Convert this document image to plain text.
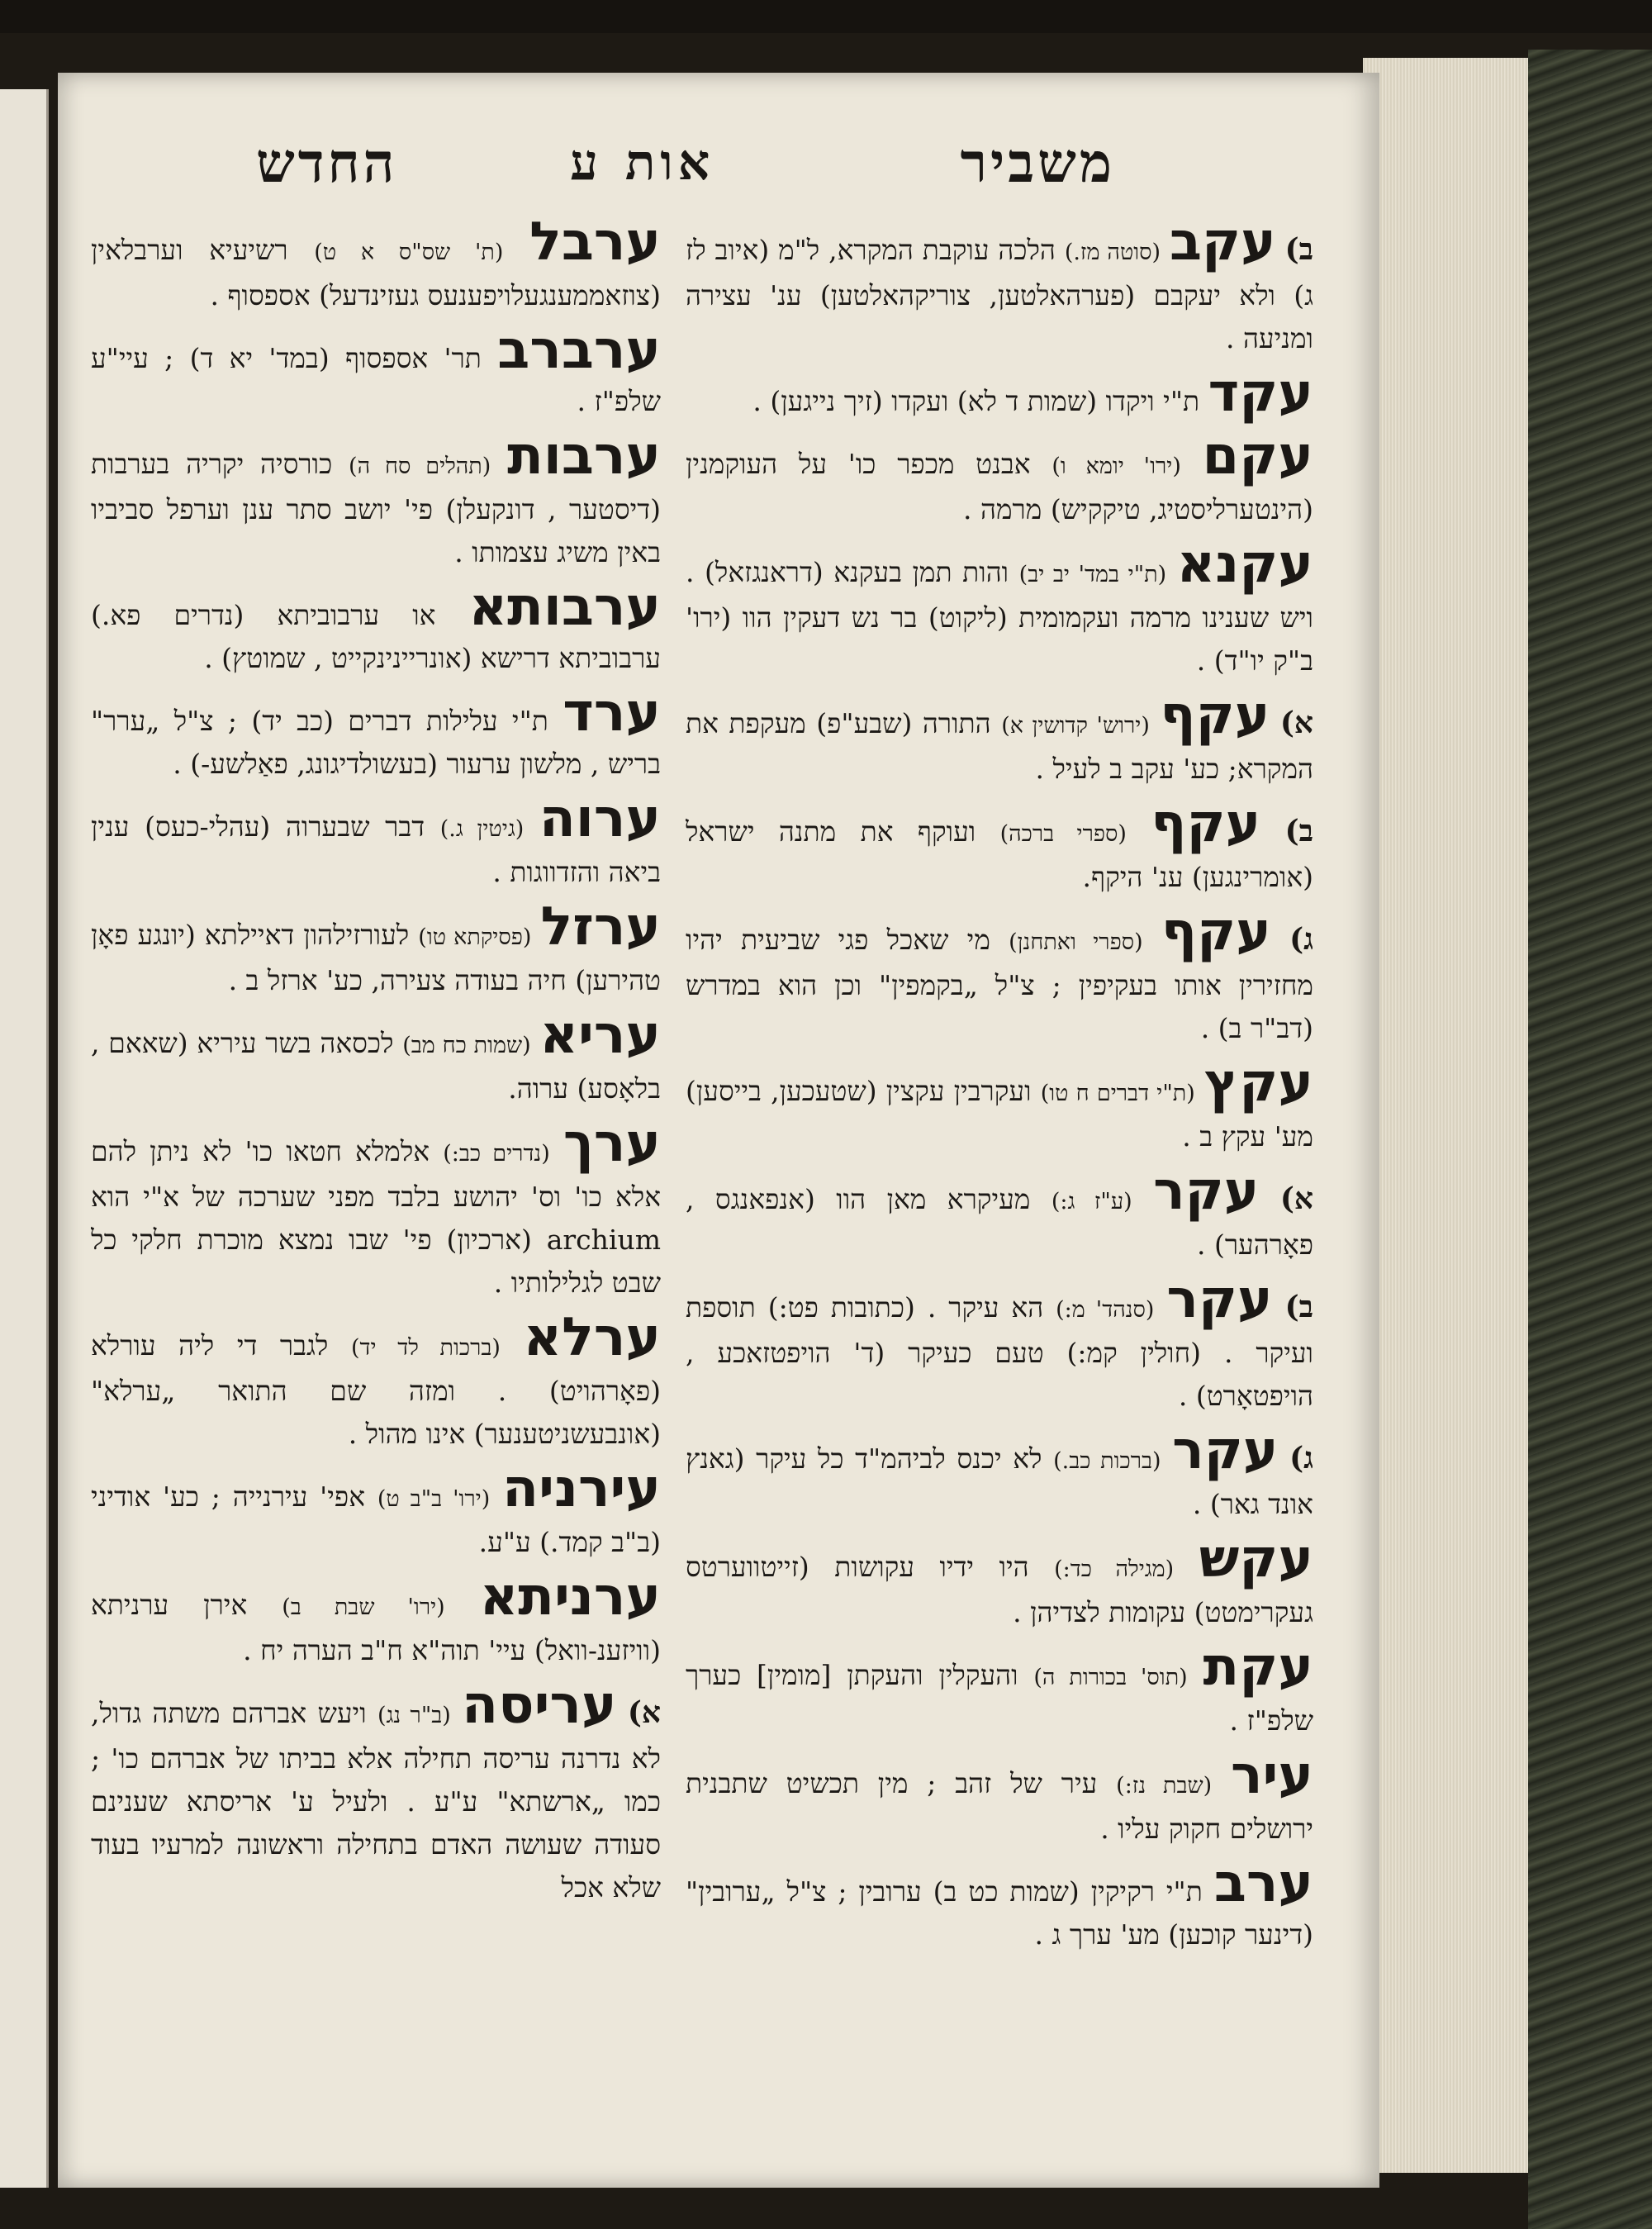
משביר
אות ע
החדש

ב) עקב (סוטה מז.) הלכה עוקבת המקרא, ל"מ (איוב לז ג) ולא יעקבם (פערהאלטען, צוריקהאלטען) ענ' עצירה ומניעה .

עקד ת"י ויקדו (שמות ד לא) ועקדו (זיך נייגען) .

עקם (ירו' יומא ו) אבנט מכפר כו' על העוקמנין (הינטערליסטיג, טיקקיש) מרמה .

עקנא (ת"י במד' יב יב) והות תמן בעקנא (דראנגזאל) . ויש שענינו מרמה ועקמומית (ליקוט) בר נש דעקין הוו (ירו' ב"ק יו"ד) .

א) עקף (ירוש' קדושין א) התורה (שבע"פ) מעקפת את המקרא; כע' עקב ב לעיל .

ב) עקף (ספרי ברכה) ועוקף את מתנה ישראל (אומרינגען) ענ' היקף.

ג) עקף (ספרי ואתחנן) מי שאכל פגי שביעית יהיו מחזירין אותו בעקיפין ; צ"ל „בקמפין" וכן הוא במדרש (דב"ר ב) .

עקץ (ת"י דברים ח טו) ועקרבין עקצין (שטעכען, בייסען) מע' עקץ ב .

א) עקר (ע"ז ג:) מעיקרא מאן הוו (אנפאנגס , פאָרהער) .

ב) עקר (סנהד' מ:) הא עיקר . (כתובות פט:) תוספת ועיקר . (חולין קמ:) טעם כעיקר (ד' הויפטזאכע , הויפטאָרט) .

ג) עקר (ברכות כב.) לא יכנס לביהמ"ד כל עיקר (גאנץ אונד גאר) .

עקש (מגילה כד:) היו ידיו עקושות (זייטווערטס געקרימטט) עקומות לצדיהן .

עקת (תוס' בכורות ה) והעקלין והעקתן [מומין] כערך שלפ"ז .

עיר (שבת נז:) עיר של זהב ; מין תכשיט שתבנית ירושלים חקוק עליו .

ערב ת"י רקיקין (שמות כט ב) ערובין ; צ"ל „ערובין" (דינער קוכען) מע' ערך ג .

ערבל (ת' שס"ס א ט) רשיעיא וערבלאין (צוזאממענגעלויפענעס געזינדעל) אספסוף .

ערברב תר' אספסוף (במד' יא ד) ; עיי"ע שלפ"ז .

ערבות (תהלים סח ה) כורסיה יקריה בערבות (דיסטער , דונקעלן) פי' יושב סתר ענן וערפל סביביו באין משיג עצמותו .

ערבותא או ערבוביתא (נדרים פא.) ערבוביתא דרישא (אונריינינקייט , שמוטץ) .

ערד ת"י עלילות דברים (כב יד) ; צ"ל „ערר" בריש , מלשון ערעור (בעשולדיגונג, פאַלשע-) .

ערוה (גיטין ג.) דבר שבערוה (עהלי-כעס) ענין ביאה והזדווגות .

ערזל (פסיקתא טו) לעורזילהון דאיילתא (יונגע פאָן טהירען) חיה בעודה צעירה, כע' ארזל ב .

עריא (שמות כח מב) לכסאה בשר עיריא (שאאם , בלאָסע) ערוה.

ערך (נדרים כב:) אלמלא חטאו כו' לא ניתן להם אלא כו' וס' יהושע בלבד מפני שערכה של א"י הוא archium (ארכיון) פי' שבו נמצא מוכרת חלקי כל שבט לגלילותיו .

ערלא (ברכות לד יד) לגבר די ליה עורלא (פאָרהויט) . ומזה שם התואר „ערלא" (אונבעשניטענער) אינו מהול .

עירניה (ירו' ב"ב ט) אפי' עירנייה ; כע' אודיני (ב"ב קמד.) ע"ע.

ערניתא (ירו' שבת ב) אירן ערניתא (וויזענ-וואל) עיי' תוה"א ח"ב הערה יח .

א) עריסה (ב"ר נג) ויעש אברהם משתה גדול, לא נדרנה עריסה תחילה אלא בביתו של אברהם כו' ; כמו „ארשתא" ע"ע . ולעיל ע' אריסתא שענינם סעודה שעושה האדם בתחילה וראשונה למרעיו בעוד שלא אכל
